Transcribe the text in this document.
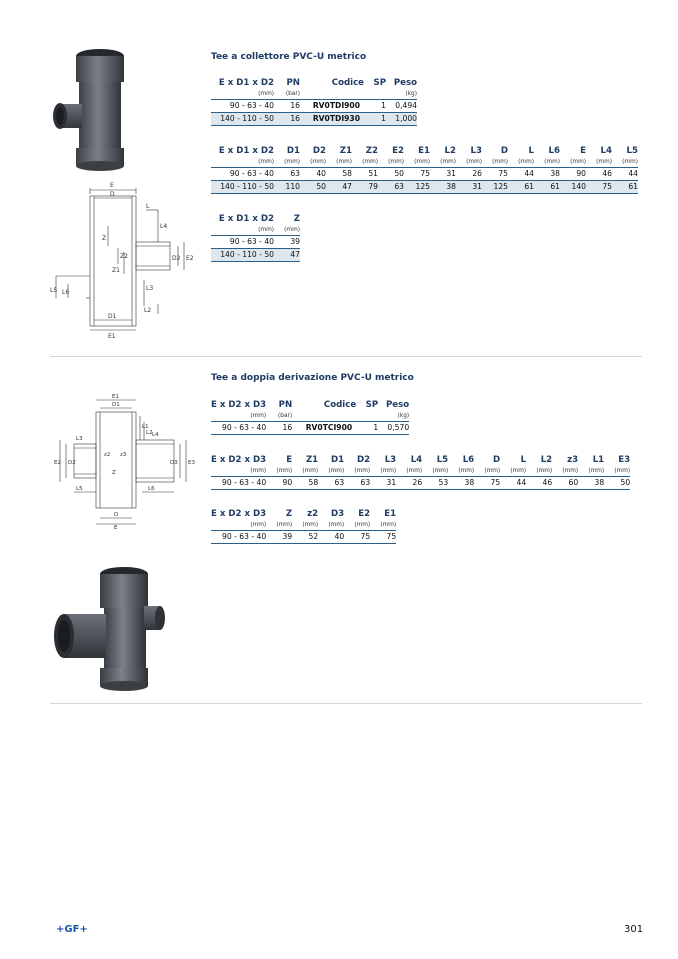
E
D
L
L4
Z
Z2
Z1
D2 E2
L5 L6
L3
L2
D1
E1
Tee a collettore PVC-U metrico
E x D1 x D2	PN	Codice	SP	Peso
(mm)	(bar)			(kg)
90 - 63 - 40	16	RV0TDI900	1	0,494
140 - 110 - 50	16	RV0TDI930	1	1,000
E x D1 x D2	D1	D2	Z1	Z2	E2	E1	L2	L3	D	L	L6	E	L4	L5
(mm)	(mm)	(mm)	(mm)	(mm)	(mm)	(mm)	(mm)	(mm)	(mm)	(mm)	(mm)	(mm)	(mm)	(mm)
90 - 63 - 40	63	40	58	51	50	75	31	26	75	44	38	90	46	44
140 - 110 - 50	110	50	47	79	63	125	38	31	125	61	61	140	75	61
E x D1 x D2	Z
(mm)	(mm)
90 - 63 - 40	39
140 - 110 - 50	47
E1
D1
L1
L2
L3
L4
D2
E2
z2 z3
Z
D3 E3
L5	L6
D
E
Tee a doppia derivazione PVC-U metrico
E x D2 x D3	PN	Codice	SP	Peso
(mm)	(bar)			(kg)
90 - 63 - 40	16	RV0TCI900	1	0,570
E x D2 x D3	E	Z1	D1	D2	L3	L4	L5	L6	D	L	L2	z3	L1	E3
(mm)	(mm)	(mm)	(mm)	(mm)	(mm)	(mm)	(mm)	(mm)	(mm)	(mm)	(mm)	(mm)	(mm)	(mm)
90 - 63 - 40	90	58	63	63	31	26	53	38	75	44	46	60	38	50
E x D2 x D3	Z	z2	D3	E2	E1
(mm)	(mm)	(mm)	(mm)	(mm)	(mm)
90 - 63 - 40	39	52	40	75	75
+GF+	301
